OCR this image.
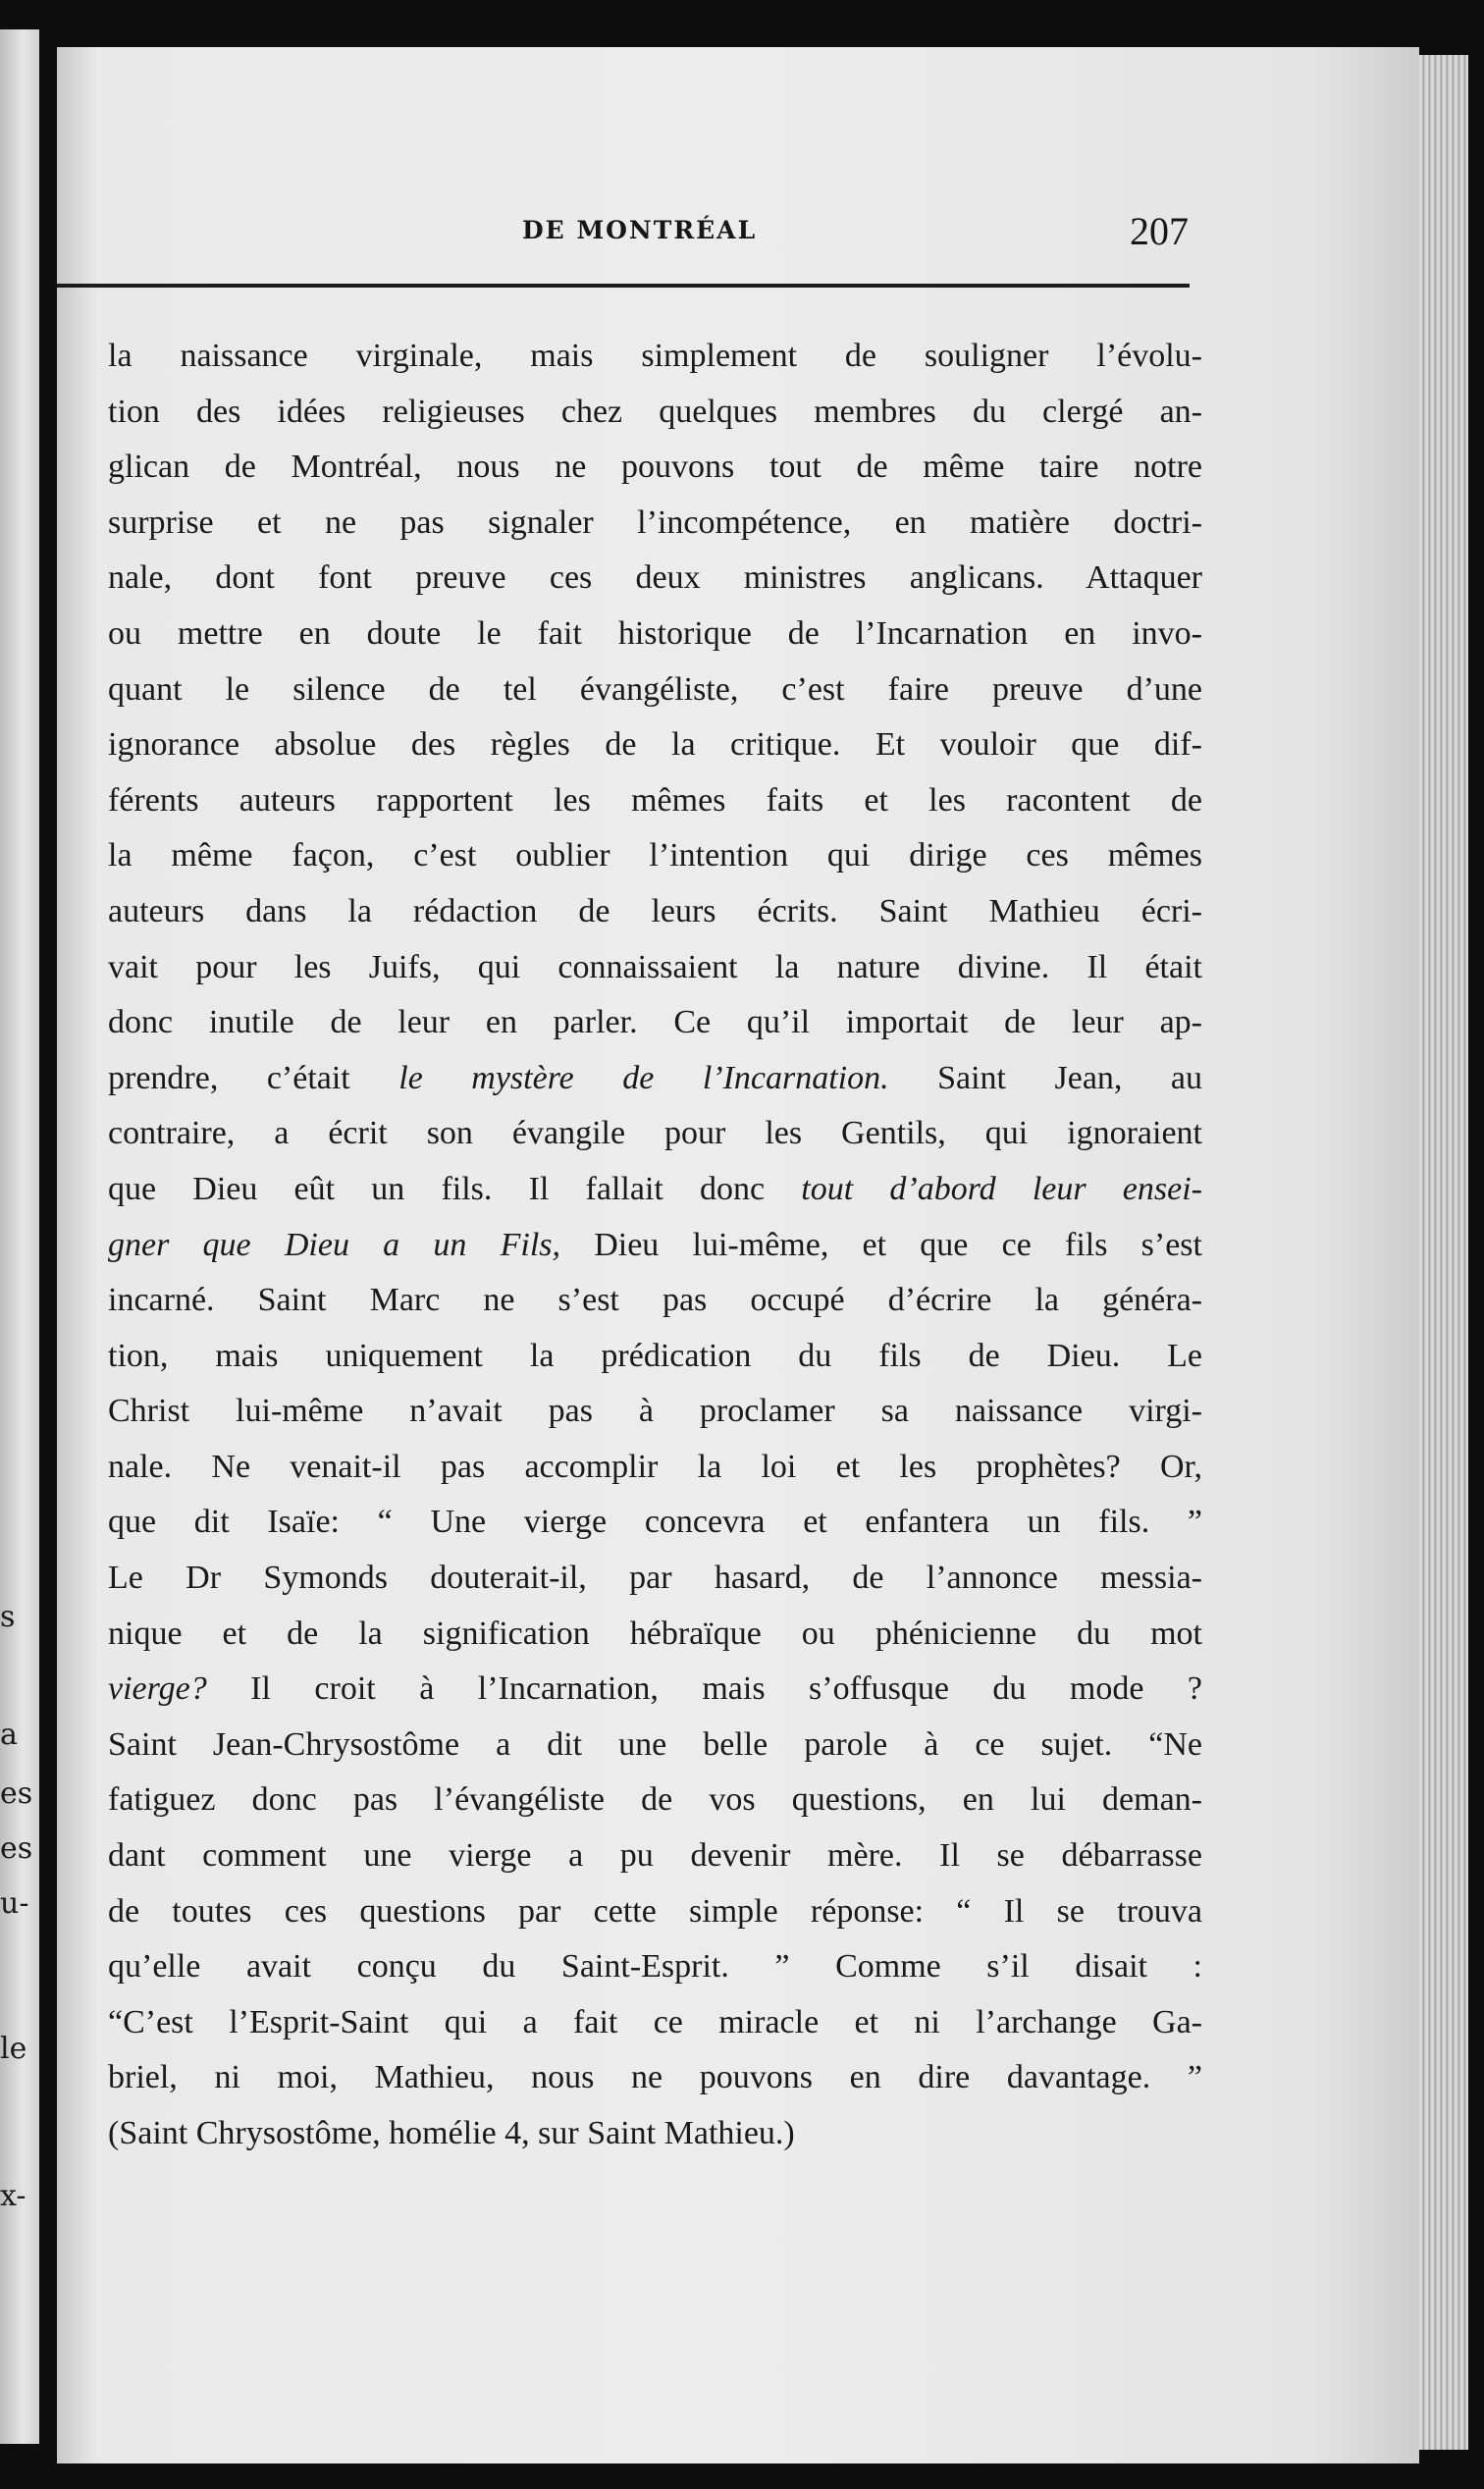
s
a
es
es
u-
le
x-
DE MONTRÉAL	207
la naissance virginale, mais simplement de souligner l’évolu-
tion des idées religieuses chez quelques membres du clergé an-
glican de Montréal, nous ne pouvons tout de même taire notre
surprise et ne pas signaler l’incompétence, en matière doctri-
nale, dont font preuve ces deux ministres anglicans. Attaquer
ou mettre en doute le fait historique de l’Incarnation en invo-
quant le silence de tel évangéliste, c’est faire preuve d’une
ignorance absolue des règles de la critique. Et vouloir que dif-
férents auteurs rapportent les mêmes faits et les racontent de
la même façon, c’est oublier l’intention qui dirige ces mêmes
auteurs dans la rédaction de leurs écrits. Saint Mathieu écri-
vait pour les Juifs, qui connaissaient la nature divine. Il était
donc inutile de leur en parler. Ce qu’il importait de leur ap-
prendre, c’était le mystère de l’Incarnation. Saint Jean, au
contraire, a écrit son évangile pour les Gentils, qui ignoraient
que Dieu eût un fils. Il fallait donc tout d’abord leur ensei-
gner que Dieu a un Fils, Dieu lui-même, et que ce fils s’est
incarné. Saint Marc ne s’est pas occupé d’écrire la généra-
tion, mais uniquement la prédication du fils de Dieu. Le
Christ lui-même n’avait pas à proclamer sa naissance virgi-
nale. Ne venait-il pas accomplir la loi et les prophètes? Or,
que dit Isaïe: “ Une vierge concevra et enfantera un fils. ”
Le Dr Symonds douterait-il, par hasard, de l’annonce messia-
nique et de la signification hébraïque ou phénicienne du mot
vierge? Il croit à l’Incarnation, mais s’offusque du mode ?
Saint Jean-Chrysostôme a dit une belle parole à ce sujet. “Ne
fatiguez donc pas l’évangéliste de vos questions, en lui deman-
dant comment une vierge a pu devenir mère. Il se débarrasse
de toutes ces questions par cette simple réponse: “ Il se trouva
qu’elle avait conçu du Saint-Esprit. ” Comme s’il disait :
“C’est l’Esprit-Saint qui a fait ce miracle et ni l’archange Ga-
briel, ni moi, Mathieu, nous ne pouvons en dire davantage. ”
(Saint Chrysostôme, homélie 4, sur Saint Mathieu.)
